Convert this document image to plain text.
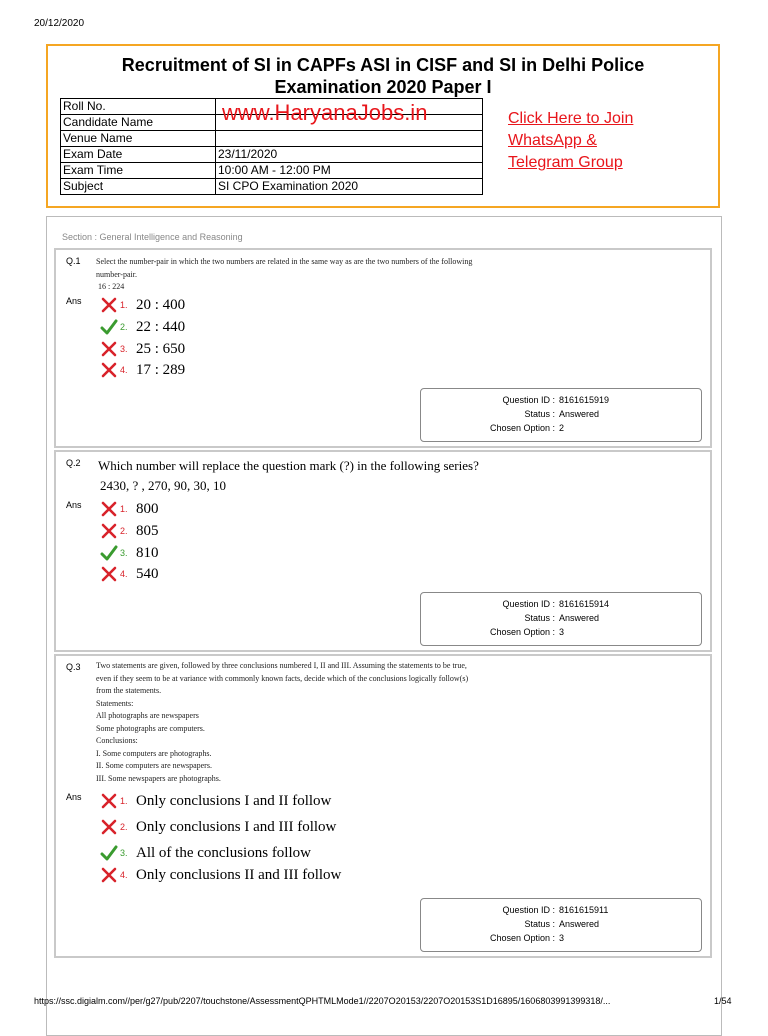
20/12/2020
Recruitment of SI in CAPFs ASI in CISF and SI in Delhi Police
Examination 2020 Paper I
Roll No.	
Candidate Name	
Venue Name	
Exam Date	23/11/2020
Exam Time	10:00 AM - 12:00 PM
Subject	SI CPO Examination 2020
www.HaryanaJobs.in	Click Here to Join
WhatsApp &
Telegram Group
Section : General Intelligence and Reasoning
Q.1 Select the number-pair in which the two numbers are related in the same way as are the two numbers of the following
number-pair.
16 : 224
Ans	1. 20 : 400
2. 22 : 440
3. 25 : 650
4. 17 : 289
Question ID : 8161615919
Status : Answered
Chosen Option : 2
Q.2 Which number will replace the question mark (?) in the following series?
2430, ? , 270, 90, 30, 10
Ans	1. 800
2. 805
3. 810
4. 540
Question ID : 8161615914
Status : Answered
Chosen Option : 3
Q.3 Two statements are given, followed by three conclusions numbered I, II and III. Assuming the statements to be true,
even if they seem to be at variance with commonly known facts, decide which of the conclusions logically follow(s)
from the statements.
Statements:
All photographs are newspapers
Some photographs are computers.
Conclusions:
I. Some computers are photographs.
II. Some computers are newspapers.
III. Some newspapers are photographs.
Ans	1. Only conclusions I and II follow
2. Only conclusions I and III follow
3. All of the conclusions follow
4. Only conclusions II and III follow
Question ID : 8161615911
Status : Answered
Chosen Option : 3
https://ssc.digialm.com//per/g27/pub/2207/touchstone/AssessmentQPHTMLMode1//2207O20153/2207O20153S1D16895/1606803991399318/...	1/54
